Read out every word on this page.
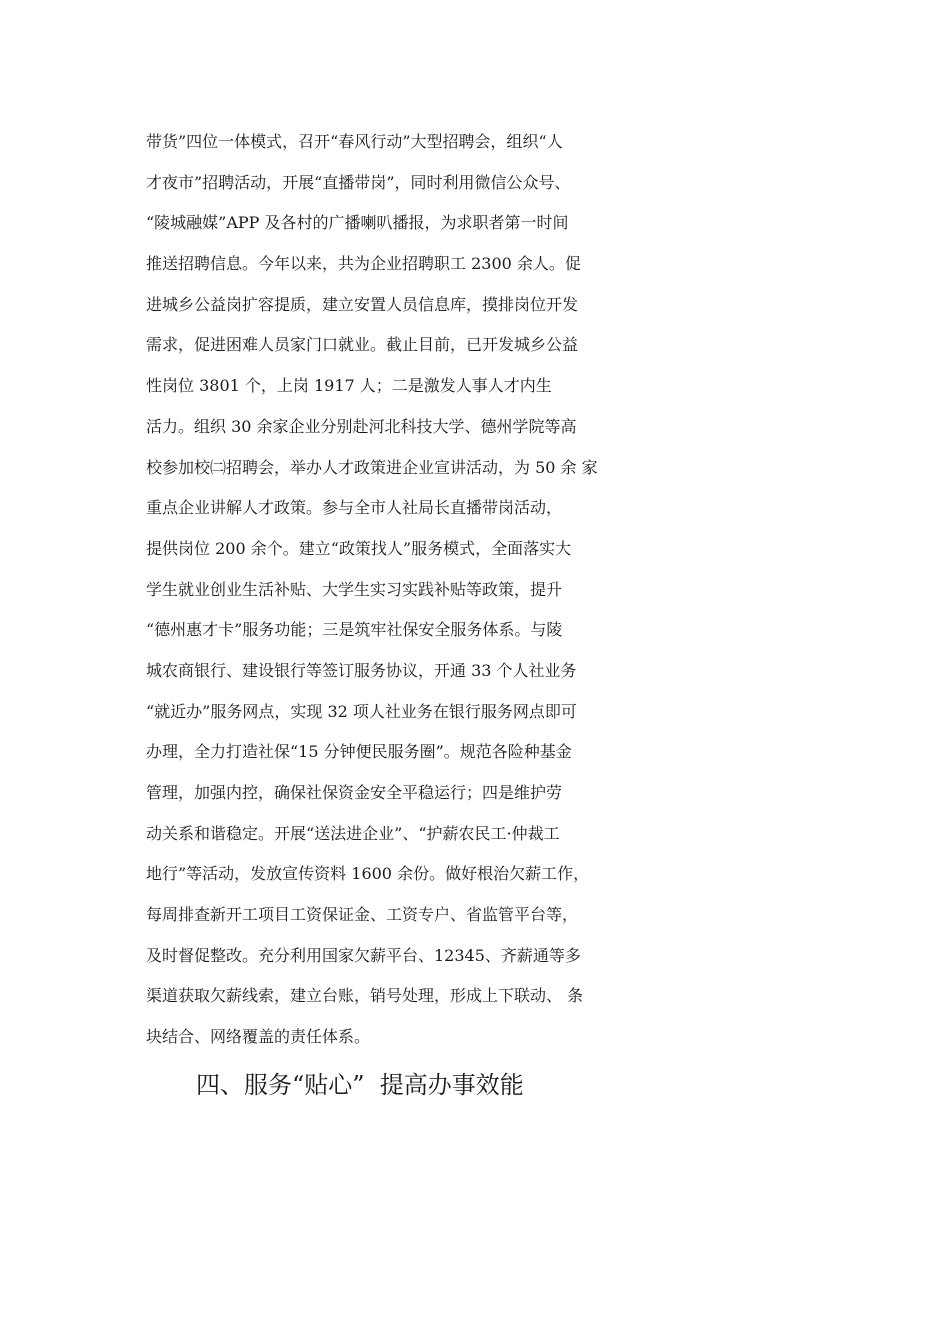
带货”四位一体模式，召开“春风行动”大型招聘会，组织“人
才夜市”招聘活动，开展“直播带岗”，同时利用微信公众号、
“陵城融媒”APP 及各村的广播喇叭播报，为求职者第一时间
推送招聘信息。今年以来，共为企业招聘职工 2300 余人。促
进城乡公益岗扩容提质，建立安置人员信息库，摸排岗位开发
需求，促进困难人员家门口就业。截止目前，已开发城乡公益
性岗位 3801 个，上岗 1917 人；二是激发人事人才内生
活力。组织 30 余家企业分别赴河北科技大学、德州学院等高
校参加校㈡招聘会，举办人才政策进企业宣讲活动，为 50 余 家
重点企业讲解人才政策。参与全市人社局长直播带岗活动，
提供岗位 200 余个。建立“政策找人”服务模式，全面落实大
学生就业创业生活补贴、大学生实习实践补贴等政策，提升
“德州惠才卡”服务功能；三是筑牢社保安全服务体系。与陵
城农商银行、建设银行等签订服务协议，开通 33 个人社业务
“就近办”服务网点，实现 32 项人社业务在银行服务网点即可
办理，全力打造社保“15 分钟便民服务圈”。规范各险种基金
管理，加强内控，确保社保资金安全平稳运行；四是维护劳
动关系和谐稳定。开展“送法进企业”、“护薪农民工·仲裁工
地行”等活动，发放宣传资料 1600 余份。做好根治欠薪工作，
每周排查新开工项目工资保证金、工资专户、省监管平台等，
及时督促整改。充分利用国家欠薪平台、12345、齐薪通等多
渠道获取欠薪线索，建立台账，销号处理，形成上下联动、 条
块结合、网络覆盖的责任体系。
四、服务“贴心”  提高办事效能
